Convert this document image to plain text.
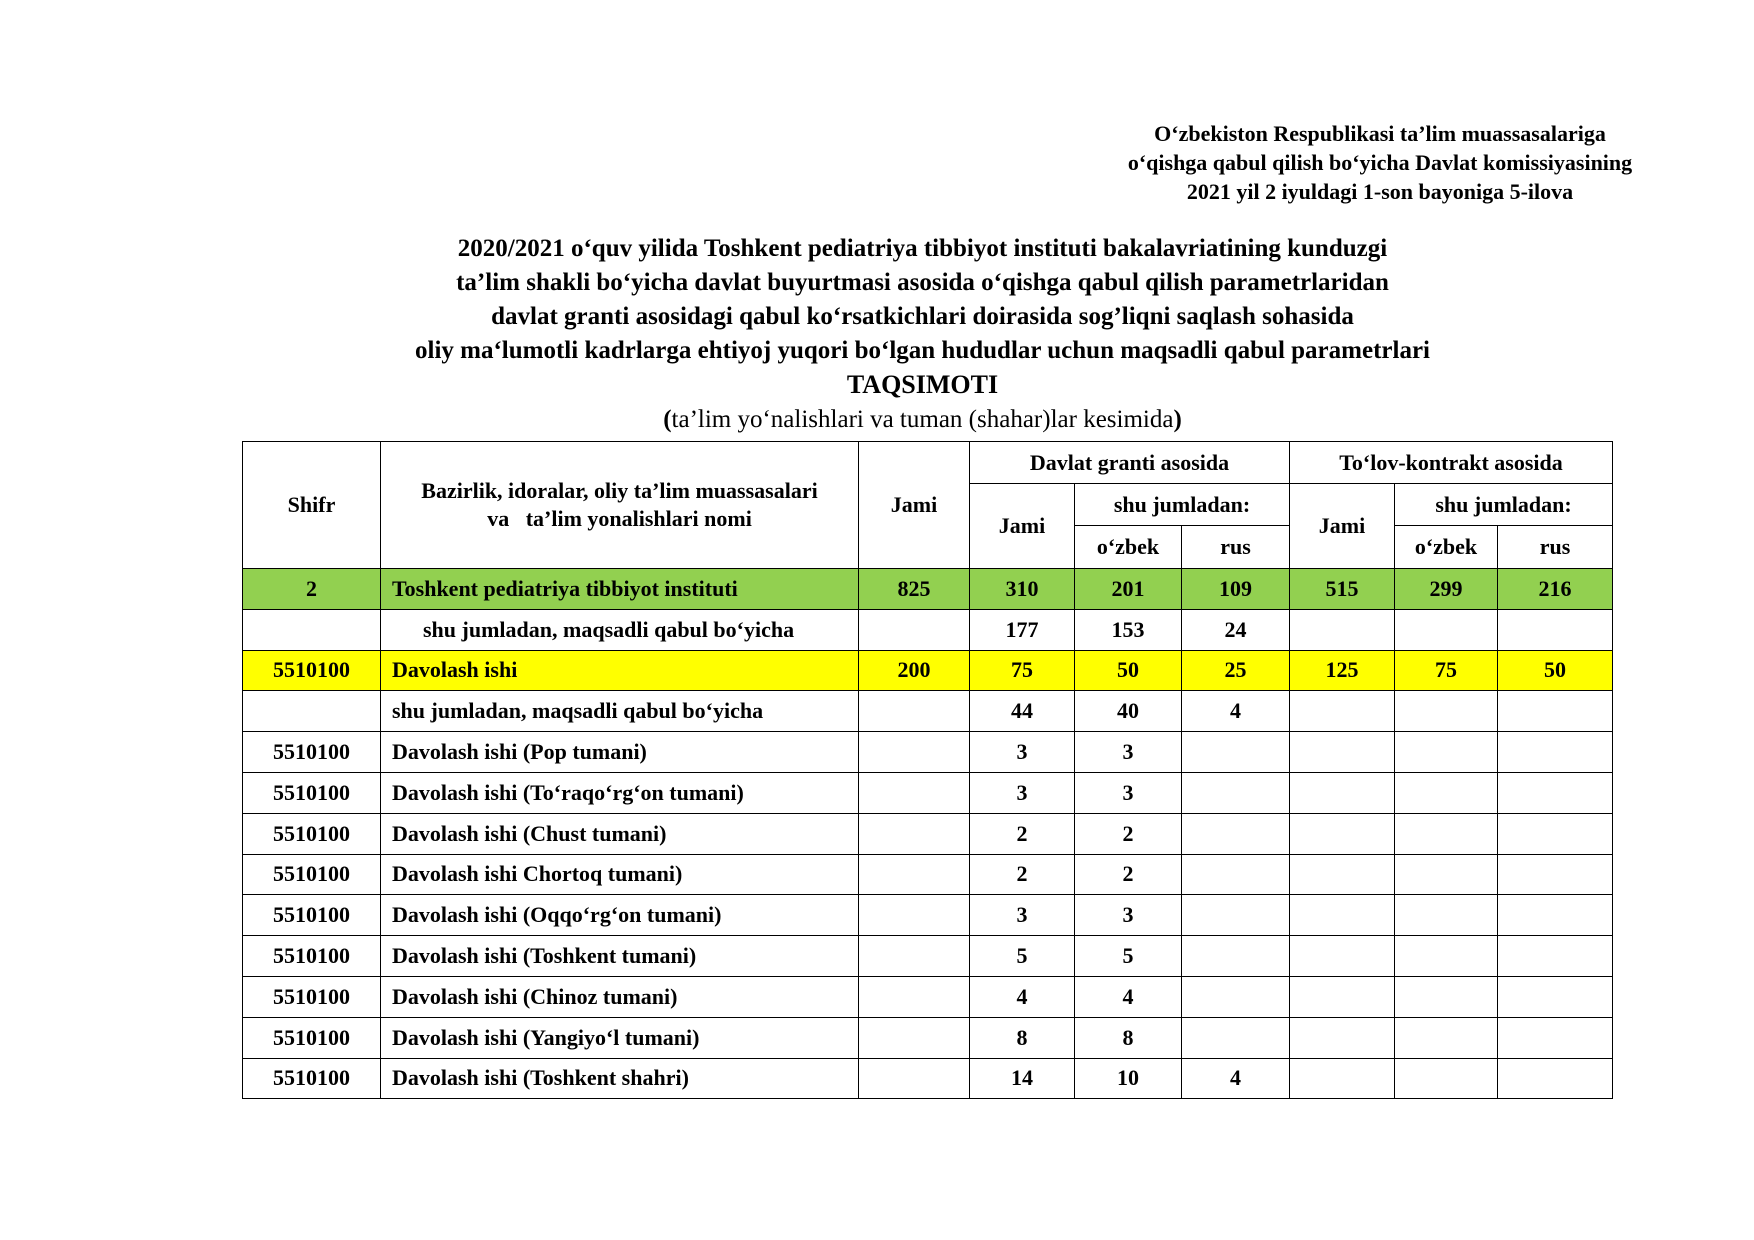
O‘zbekiston Respublikasi ta’lim muassasalariga
o‘qishga qabul qilish bo‘yicha Davlat komissiyasining
2021 yil 2 iyuldagi 1-son bayoniga 5-ilova
2020/2021 o‘quv yilida Toshkent pediatriya tibbiyot instituti bakalavriatining kunduzgi
ta’lim shakli bo‘yicha davlat buyurtmasi asosida o‘qishga qabul qilish parametrlaridan
davlat granti asosidagi qabul ko‘rsatkichlari doirasida sog’liqni saqlash sohasida
oliy ma‘lumotli kadrlarga ehtiyoj yuqori bo‘lgan hududlar uchun maqsadli qabul parametrlari
TAQSIMOTI
(ta’lim yo‘nalishlari va tuman (shahar)lar kesimida)
Shifr	Bazirlik, idoralar, oliy ta’lim muassasalari
va   ta’lim yonalishlari nomi	Jami	Davlat granti asosida			To‘lov-kontrakt asosida		
			Jami	shu jumladan:		Jami	shu jumladan:	
				o‘zbek	rus		o‘zbek	rus
2	Toshkent pediatriya tibbiyot instituti	825	310	201	109	515	299	216
	shu jumladan, maqsadli qabul bo‘yicha		177	153	24			
5510100	Davolash ishi	200	75	50	25	125	75	50
	shu jumladan, maqsadli qabul bo‘yicha		44	40	4			
5510100	Davolash ishi (Pop tumani)		3	3				
5510100	Davolash ishi (To‘raqo‘rg‘on tumani)		3	3				
5510100	Davolash ishi (Chust tumani)		2	2				
5510100	Davolash ishi Chortoq tumani)		2	2				
5510100	Davolash ishi (Oqqo‘rg‘on tumani)		3	3				
5510100	Davolash ishi (Toshkent tumani)		5	5				
5510100	Davolash ishi (Chinoz tumani)		4	4				
5510100	Davolash ishi (Yangiyo‘l tumani)		8	8				
5510100	Davolash ishi (Toshkent shahri)		14	10	4			
